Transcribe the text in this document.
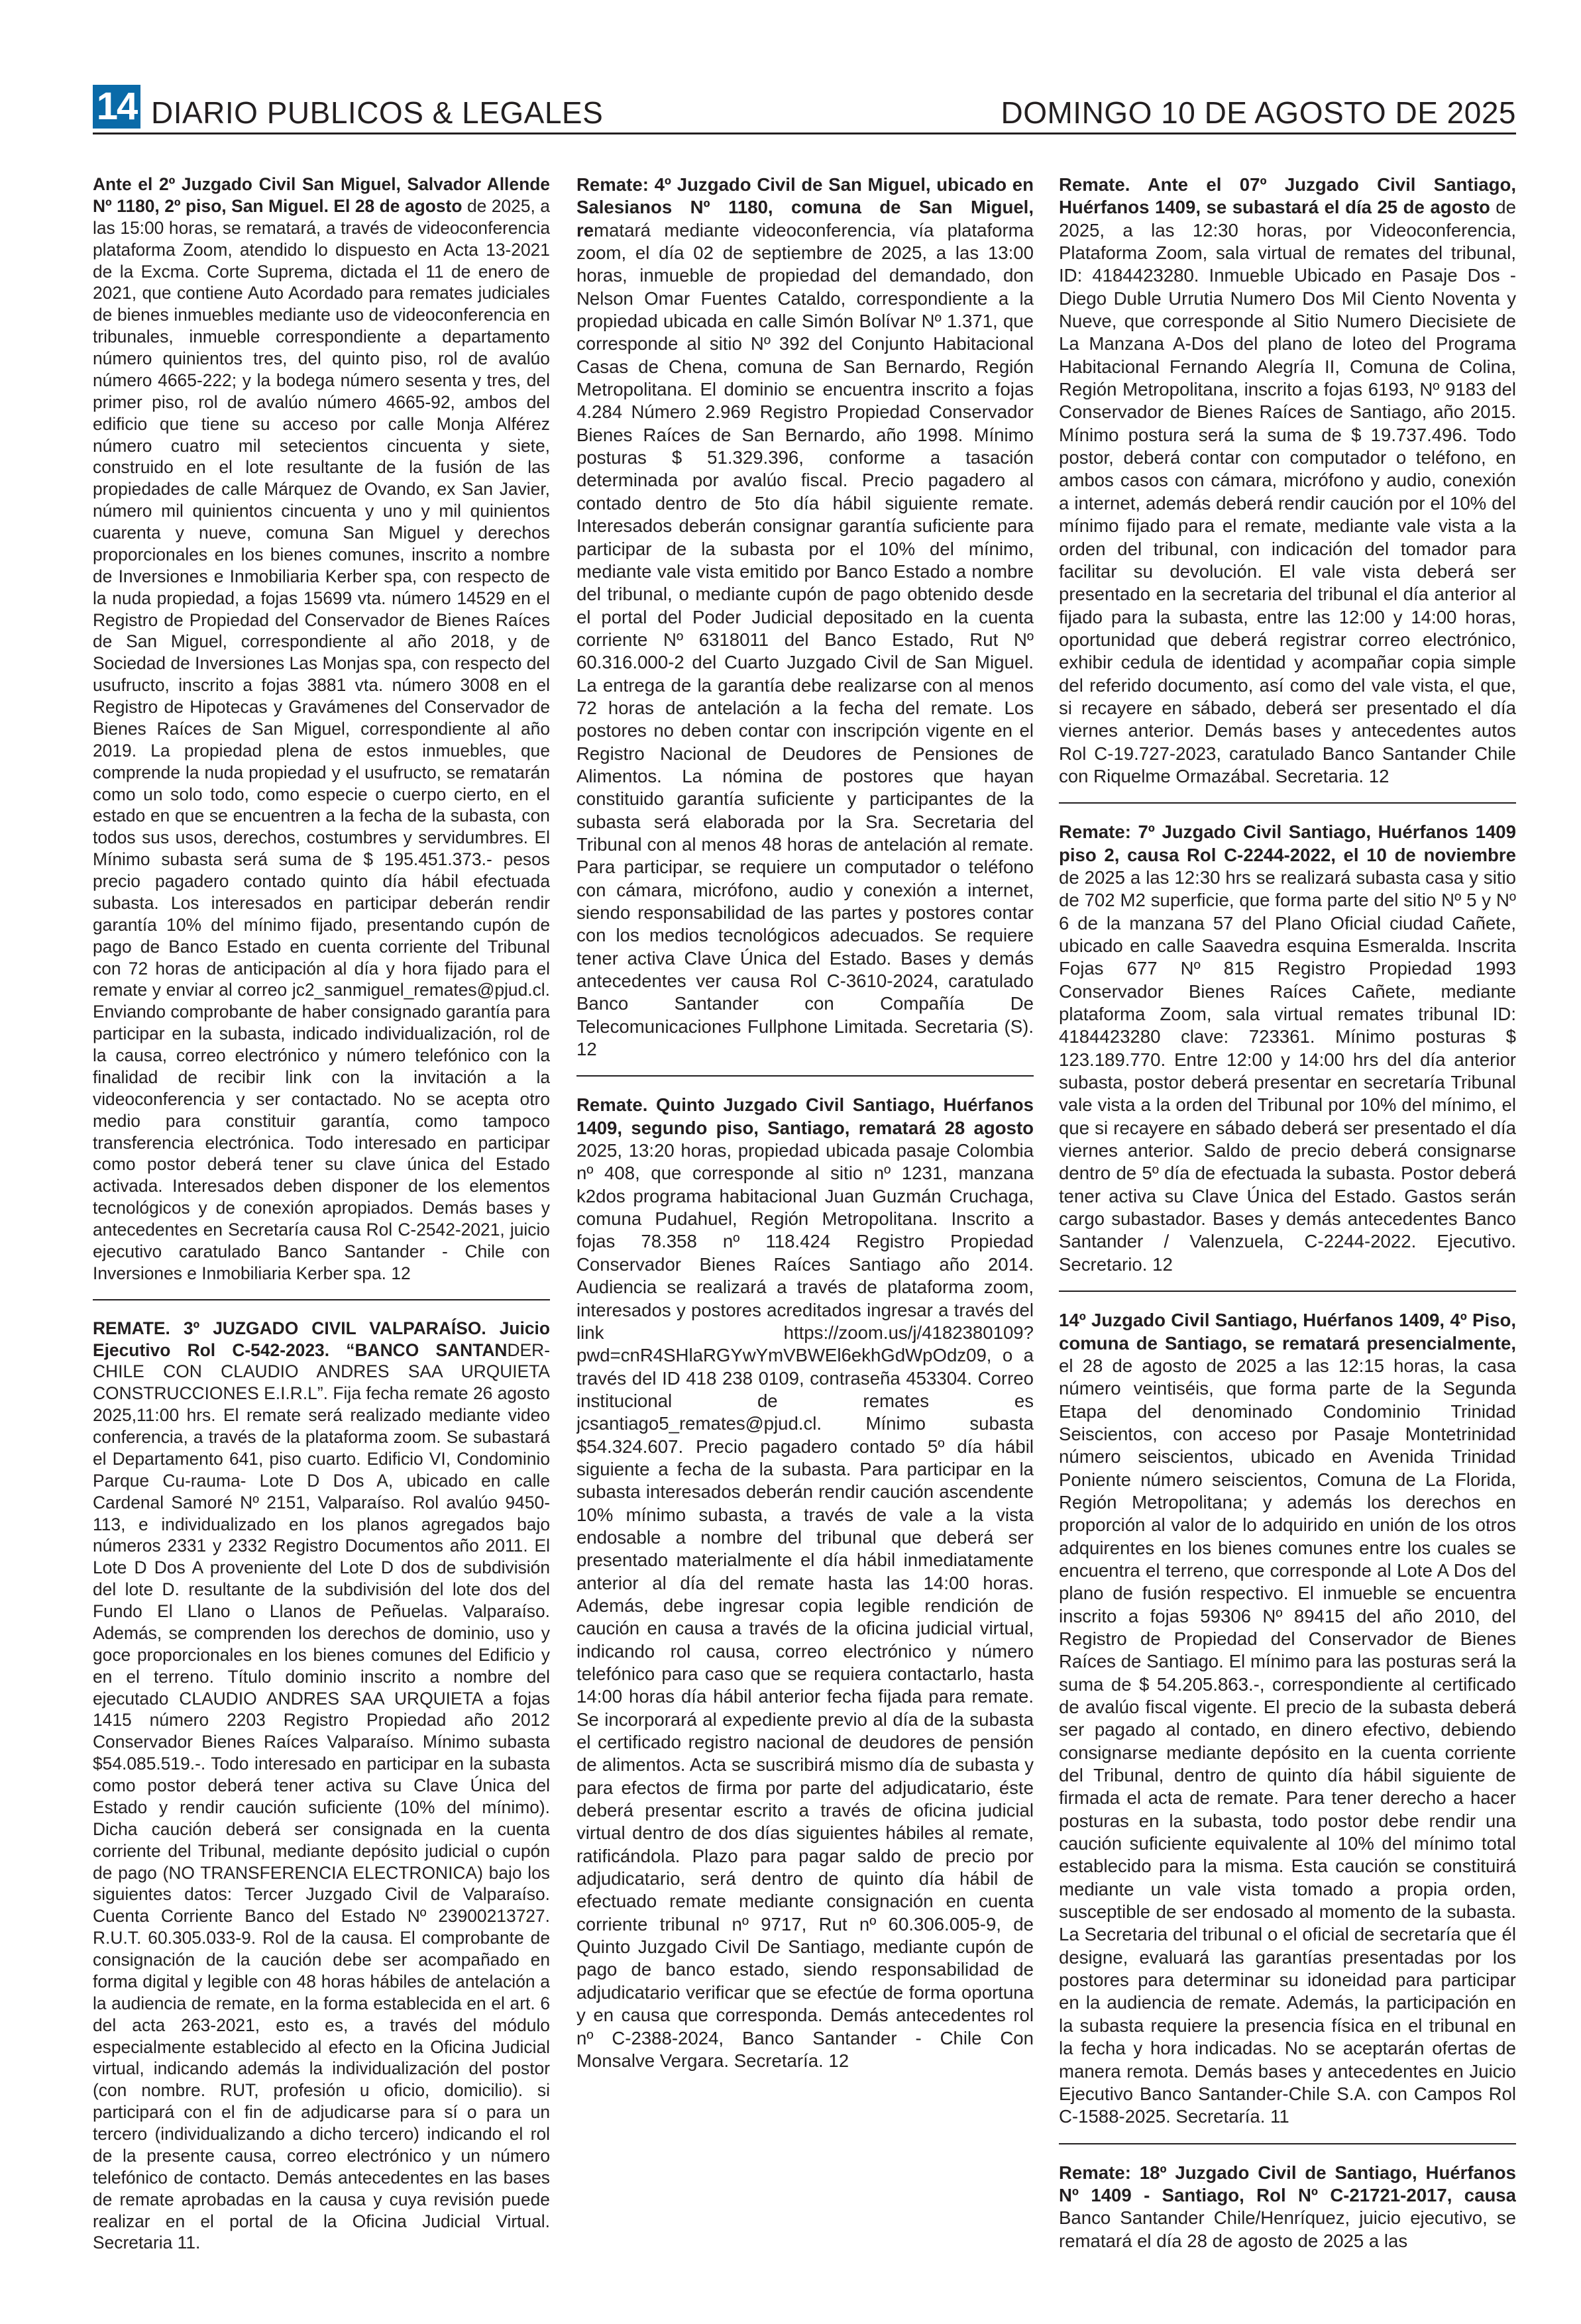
14 DIARIO PUBLICOS & LEGALES	DOMINGO 10 DE AGOSTO DE 2025

Ante el 2º Juzgado Civil San Miguel, Salvador Allende Nº 1180, 2º piso, San Miguel. El 28 de agosto de 2025, a las 15:00 horas, se rematará, a través de videoconferencia plataforma Zoom, atendido lo dispuesto en Acta 13-2021 de la Excma. Corte Suprema, dictada el 11 de enero de 2021, que contiene Auto Acordado para remates judiciales de bienes inmuebles mediante uso de videoconferencia en tribunales, inmueble correspondiente a departamento número quinientos tres, del quinto piso, rol de avalúo número 4665-222; y la bodega número sesenta y tres, del primer piso, rol de avalúo número 4665-92, ambos del edificio que tiene su acceso por calle Monja Alférez número cuatro mil setecientos cincuenta y siete, construido en el lote resultante de la fusión de las propiedades de calle Márquez de Ovando, ex San Javier, número mil quinientos cincuenta y uno y mil quinientos cuarenta y nueve, comuna San Miguel y derechos proporcionales en los bienes comunes, inscrito a nombre de Inversiones e Inmobiliaria Kerber spa, con respecto de la nuda propiedad, a fojas 15699 vta. número 14529 en el Registro de Propiedad del Conservador de Bienes Raíces de San Miguel, correspondiente al año 2018, y de Sociedad de Inversiones Las Monjas spa, con respecto del usufructo, inscrito a fojas 3881 vta. número 3008 en el Registro de Hipotecas y Gravámenes del Conservador de Bienes Raíces de San Miguel, correspondiente al año 2019. La propiedad plena de estos inmuebles, que comprende la nuda propiedad y el usufructo, se rematarán como un solo todo, como especie o cuerpo cierto, en el estado en que se encuentren a la fecha de la subasta, con todos sus usos, derechos, costumbres y servidumbres. El Mínimo subasta será suma de $ 195.451.373.- pesos precio pagadero contado quinto día hábil efectuada subasta. Los interesados en participar deberán rendir garantía 10% del mínimo fijado, presentando cupón de pago de Banco Estado en cuenta corriente del Tribunal con 72 horas de anticipación al día y hora fijado para el remate y enviar al correo jc2_sanmiguel_remates@pjud.cl. Enviando comprobante de haber consignado garantía para participar en la subasta, indicado individualización, rol de la causa, correo electrónico y número telefónico con la finalidad de recibir link con la invitación a la videoconferencia y ser contactado. No se acepta otro medio para constituir garantía, como tampoco transferencia electrónica. Todo interesado en participar como postor deberá tener su clave única del Estado activada. Interesados deben disponer de los elementos tecnológicos y de conexión apropiados. Demás bases y antecedentes en Secretaría causa Rol C-2542-2021, juicio ejecutivo caratulado Banco Santander - Chile con Inversiones e Inmobiliaria Kerber spa. 12

REMATE. 3º JUZGADO CIVIL VALPARAÍSO. Juicio Ejecutivo Rol C-542-2023. “BANCO SANTANDER-CHILE CON CLAUDIO ANDRES SAA URQUIETA CONSTRUCCIONES E.I.R.L”. Fija fecha remate 26 agosto 2025,11:00 hrs. El remate será realizado mediante video conferencia, a través de la plataforma zoom. Se subastará el Departamento 641, piso cuarto. Edificio VI, Condominio Parque Cu-rauma- Lote D Dos A, ubicado en calle Cardenal Samoré Nº 2151, Valparaíso. Rol avalúo 9450- 113, e individualizado en los planos agregados bajo números 2331 y 2332 Registro Documentos año 2011. El Lote D Dos A proveniente del Lote D dos de subdivisión del lote D. resultante de la subdivisión del lote dos del Fundo El Llano o Llanos de Peñuelas. Valparaíso. Además, se comprenden los derechos de dominio, uso y goce proporcionales en los bienes comunes del Edificio y en el terreno. Título dominio inscrito a nombre del ejecutado CLAUDIO ANDRES SAA URQUIETA a fojas 1415 número 2203 Registro Propiedad año 2012 Conservador Bienes Raíces Valparaíso. Mínimo subasta $54.085.519.-. Todo interesado en participar en la subasta como postor deberá tener activa su Clave Única del Estado y rendir caución suficiente (10% del mínimo). Dicha caución deberá ser consignada en la cuenta corriente del Tribunal, mediante depósito judicial o cupón de pago (NO TRANSFERENCIA ELECTRONICA) bajo los siguientes datos: Tercer Juzgado Civil de Valparaíso. Cuenta Corriente Banco del Estado Nº 23900213727. R.U.T. 60.305.033-9. Rol de la causa. El comprobante de consignación de la caución debe ser acompañado en forma digital y legible con 48 horas hábiles de antelación a la audiencia de remate, en la forma establecida en el art. 6 del acta 263-2021, esto es, a través del módulo especialmente establecido al efecto en la Oficina Judicial virtual, indicando además la individualización del postor (con nombre. RUT, profesión u oficio, domicilio). si participará con el fin de adjudicarse para sí o para un tercero (individualizando a dicho tercero) indicando el rol de la presente causa, correo electrónico y un número telefónico de contacto. Demás antecedentes en las bases de remate aprobadas en la causa y cuya revisión puede realizar en el portal de la Oficina Judicial Virtual. Secretaria 11.

Remate: 4º Juzgado Civil de San Miguel, ubicado en Salesianos Nº 1180, comuna de San Miguel, rematará mediante videoconferencia, vía plataforma zoom, el día 02 de septiembre de 2025, a las 13:00 horas, inmueble de propiedad del demandado, don Nelson Omar Fuentes Cataldo, correspondiente a la propiedad ubicada en calle Simón Bolívar Nº 1.371, que corresponde al sitio Nº 392 del Conjunto Habitacional Casas de Chena, comuna de San Bernardo, Región Metropolitana. El dominio se encuentra inscrito a fojas 4.284 Número 2.969 Registro Propiedad Conservador Bienes Raíces de San Bernardo, año 1998. Mínimo posturas $ 51.329.396, conforme a tasación determinada por avalúo fiscal. Precio pagadero al contado dentro de 5to día hábil siguiente remate. Interesados deberán consignar garantía suficiente para participar de la subasta por el 10% del mínimo, mediante vale vista emitido por Banco Estado a nombre del tribunal, o mediante cupón de pago obtenido desde el portal del Poder Judicial depositado en la cuenta corriente Nº 6318011 del Banco Estado, Rut Nº 60.316.000-2 del Cuarto Juzgado Civil de San Miguel. La entrega de la garantía debe realizarse con al menos 72 horas de antelación a la fecha del remate. Los postores no deben contar con inscripción vigente en el Registro Nacional de Deudores de Pensiones de Alimentos. La nómina de postores que hayan constituido garantía suficiente y participantes de la subasta será elaborada por la Sra. Secretaria del Tribunal con al menos 48 horas de antelación al remate. Para participar, se requiere un computador o teléfono con cámara, micrófono, audio y conexión a internet, siendo responsabilidad de las partes y postores contar con los medios tecnológicos adecuados. Se requiere tener activa Clave Única del Estado. Bases y demás antecedentes ver causa Rol C-3610-2024, caratulado Banco Santander con Compañía De Telecomunicaciones Fullphone Limitada. Secretaria (S). 12

Remate. Quinto Juzgado Civil Santiago, Huérfanos 1409, segundo piso, Santiago, rematará 28 agosto 2025, 13:20 horas, propiedad ubicada pasaje Colombia nº 408, que corresponde al sitio nº 1231, manzana k2dos programa habitacional Juan Guzmán Cruchaga, comuna Pudahuel, Región Metropolitana. Inscrito a fojas 78.358 nº 118.424 Registro Propiedad Conservador Bienes Raíces Santiago año 2014. Audiencia se realizará a través de plataforma zoom, interesados y postores acreditados ingresar a través del link https://zoom.us/j/4182380109?pwd=cnR4SHlaRGYwYmVBWEl6ekhGdWpOdz09, o a través del ID 418 238 0109, contraseña 453304. Correo institucional de remates es jcsantiago5_remates@pjud.cl. Mínimo subasta $54.324.607. Precio pagadero contado 5º día hábil siguiente a fecha de la subasta. Para participar en la subasta interesados deberán rendir caución ascendente 10% mínimo subasta, a través de vale a la vista endosable a nombre del tribunal que deberá ser presentado materialmente el día hábil inmediatamente anterior al día del remate hasta las 14:00 horas. Además, debe ingresar copia legible rendición de caución en causa a través de la oficina judicial virtual, indicando rol causa, correo electrónico y número telefónico para caso que se requiera contactarlo, hasta 14:00 horas día hábil anterior fecha fijada para remate. Se incorporará al expediente previo al día de la subasta el certificado registro nacional de deudores de pensión de alimentos. Acta se suscribirá mismo día de subasta y para efectos de firma por parte del adjudicatario, éste deberá presentar escrito a través de oficina judicial virtual dentro de dos días siguientes hábiles al remate, ratificándola. Plazo para pagar saldo de precio por adjudicatario, será dentro de quinto día hábil de efectuado remate mediante consignación en cuenta corriente tribunal nº 9717, Rut nº 60.306.005-9, de Quinto Juzgado Civil De Santiago, mediante cupón de pago de banco estado, siendo responsabilidad de adjudicatario verificar que se efectúe de forma oportuna y en causa que corresponda. Demás antecedentes rol nº C-2388-2024, Banco Santander - Chile Con Monsalve Vergara. Secretaría. 12

Remate. Ante el 07º Juzgado Civil Santiago, Huérfanos 1409, se subastará el día 25 de agosto de 2025, a las 12:30 horas, por Videoconferencia, Plataforma Zoom, sala virtual de remates del tribunal, ID: 4184423280. Inmueble Ubicado en Pasaje Dos - Diego Duble Urrutia Numero Dos Mil Ciento Noventa y Nueve, que corresponde al Sitio Numero Diecisiete de La Manzana A-Dos del plano de loteo del Programa Habitacional Fernando Alegría II, Comuna de Colina, Región Metropolitana, inscrito a fojas 6193, Nº 9183 del Conservador de Bienes Raíces de Santiago, año 2015. Mínimo postura será la suma de $ 19.737.496. Todo postor, deberá contar con computador o teléfono, en ambos casos con cámara, micrófono y audio, conexión a internet, además deberá rendir caución por el 10% del mínimo fijado para el remate, mediante vale vista a la orden del tribunal, con indicación del tomador para facilitar su devolución. El vale vista deberá ser presentado en la secretaria del tribunal el día anterior al fijado para la subasta, entre las 12:00 y 14:00 horas, oportunidad que deberá registrar correo electrónico, exhibir cedula de identidad y acompañar copia simple del referido documento, así como del vale vista, el que, si recayere en sábado, deberá ser presentado el día viernes anterior. Demás bases y antecedentes autos Rol C-19.727-2023, caratulado Banco Santander Chile con Riquelme Ormazábal. Secretaria. 12

Remate: 7º Juzgado Civil Santiago, Huérfanos 1409 piso 2, causa Rol C-2244-2022, el 10 de noviembre de 2025 a las 12:30 hrs se realizará subasta casa y sitio de 702 M2 superficie, que forma parte del sitio Nº 5 y Nº 6 de la manzana 57 del Plano Oficial ciudad Cañete, ubicado en calle Saavedra esquina Esmeralda. Inscrita Fojas 677 Nº 815 Registro Propiedad 1993 Conservador Bienes Raíces Cañete, mediante plataforma Zoom, sala virtual remates tribunal ID: 4184423280 clave: 723361. Mínimo posturas $ 123.189.770. Entre 12:00 y 14:00 hrs del día anterior subasta, postor deberá presentar en secretaría Tribunal vale vista a la orden del Tribunal por 10% del mínimo, el que si recayere en sábado deberá ser presentado el día viernes anterior. Saldo de precio deberá consignarse dentro de 5º día de efectuada la subasta. Postor deberá tener activa su Clave Única del Estado. Gastos serán cargo subastador. Bases y demás antecedentes Banco Santander / Valenzuela, C-2244-2022. Ejecutivo. Secretario. 12

14º Juzgado Civil Santiago, Huérfanos 1409, 4º Piso, comuna de Santiago, se rematará presencialmente, el 28 de agosto de 2025 a las 12:15 horas, la casa número veintiséis, que forma parte de la Segunda Etapa del denominado Condominio Trinidad Seiscientos, con acceso por Pasaje Montetrinidad número seiscientos, ubicado en Avenida Trinidad Poniente número seiscientos, Comuna de La Florida, Región Metropolitana; y además los derechos en proporción al valor de lo adquirido en unión de los otros adquirentes en los bienes comunes entre los cuales se encuentra el terreno, que corresponde al Lote A Dos del plano de fusión respectivo. El inmueble se encuentra inscrito a fojas 59306 Nº 89415 del año 2010, del Registro de Propiedad del Conservador de Bienes Raíces de Santiago. El mínimo para las posturas será la suma de $ 54.205.863.-, correspondiente al certificado de avalúo fiscal vigente. El precio de la subasta deberá ser pagado al contado, en dinero efectivo, debiendo consignarse mediante depósito en la cuenta corriente del Tribunal, dentro de quinto día hábil siguiente de firmada el acta de remate. Para tener derecho a hacer posturas en la subasta, todo postor debe rendir una caución suficiente equivalente al 10% del mínimo total establecido para la misma. Esta caución se constituirá mediante un vale vista tomado a propia orden, susceptible de ser endosado al momento de la subasta. La Secretaria del tribunal o el oficial de secretaría que él designe, evaluará las garantías presentadas por los postores para determinar su idoneidad para participar en la audiencia de remate. Además, la participación en la subasta requiere la presencia física en el tribunal en la fecha y hora indicadas. No se aceptarán ofertas de manera remota. Demás bases y antecedentes en Juicio Ejecutivo Banco Santander-Chile S.A. con Campos Rol C-1588-2025. Secretaría. 11

Remate: 18º Juzgado Civil de Santiago, Huérfanos Nº 1409 - Santiago, Rol Nº C-21721-2017, causa Banco Santander Chile/Henríquez, juicio ejecutivo, se rematará el día 28 de agosto de 2025 a las
